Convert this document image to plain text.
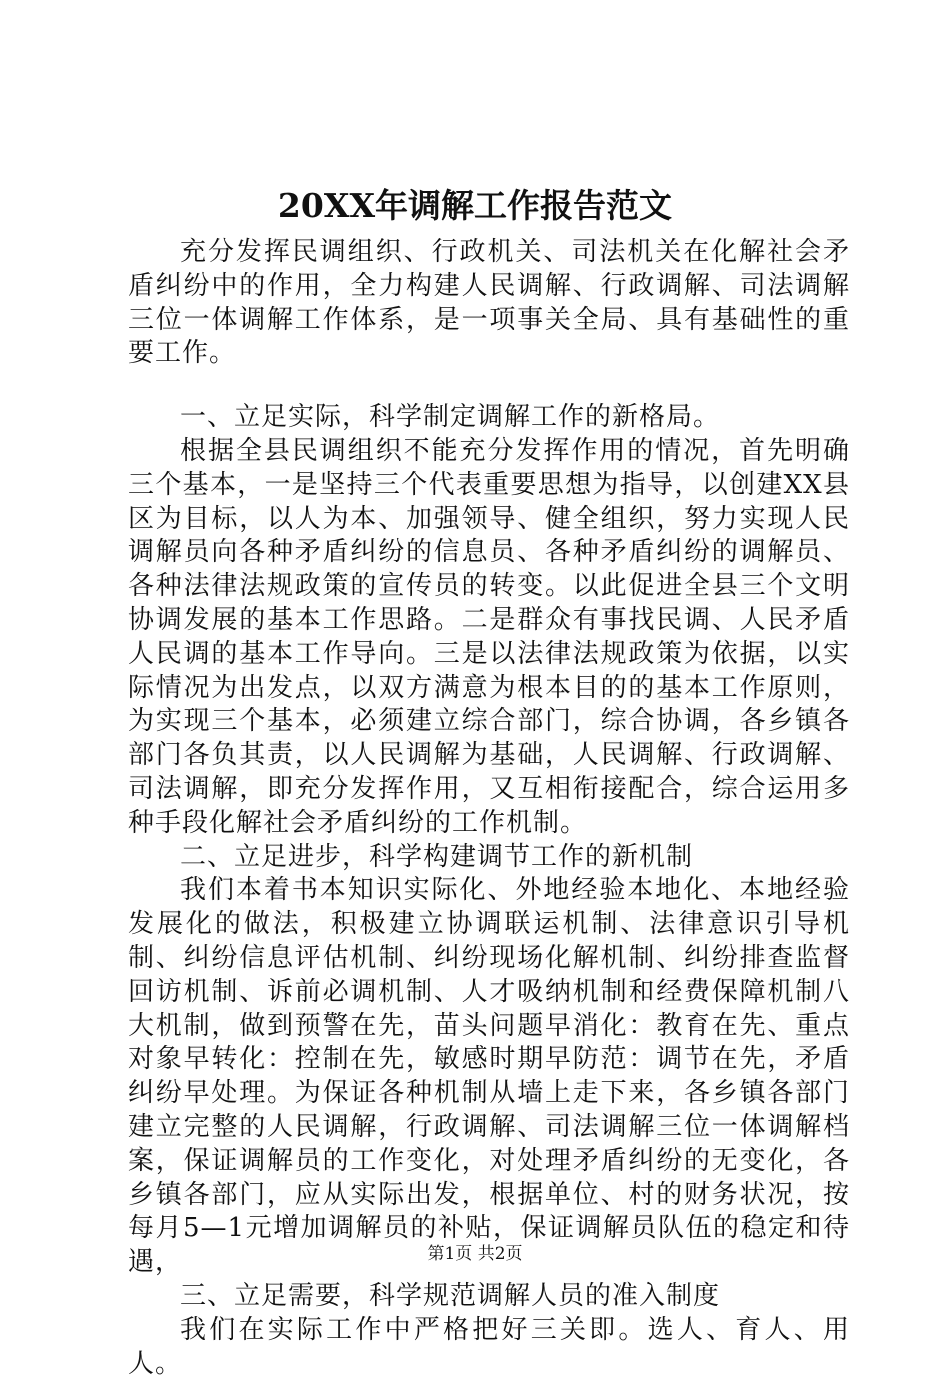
20XX年调解工作报告范文

充分发挥民调组织、行政机关、司法机关在化解社会矛盾纠纷中的作用，全力构建人民调解、行政调解、司法调解三位一体调解工作体系，是一项事关全局、具有基础性的重要工作。

一、立足实际，科学制定调解工作的新格局。

根据全县民调组织不能充分发挥作用的情况，首先明确三个基本，一是坚持三个代表重要思想为指导，以创建XX县区为目标，以人为本、加强领导、健全组织，努力实现人民调解员向各种矛盾纠纷的信息员、各种矛盾纠纷的调解员、各种法律法规政策的宣传员的转变。以此促进全县三个文明协调发展的基本工作思路。二是群众有事找民调、人民矛盾人民调的基本工作导向。三是以法律法规政策为依据，以实际情况为出发点，以双方满意为根本目的的基本工作原则，为实现三个基本，必须建立综合部门，综合协调，各乡镇各部门各负其责，以人民调解为基础，人民调解、行政调解、司法调解，即充分发挥作用，又互相衔接配合，综合运用多种手段化解社会矛盾纠纷的工作机制。

二、立足进步，科学构建调节工作的新机制

我们本着书本知识实际化、外地经验本地化、本地经验发展化的做法，积极建立协调联运机制、法律意识引导机制、纠纷信息评估机制、纠纷现场化解机制、纠纷排查监督回访机制、诉前必调机制、人才吸纳机制和经费保障机制八大机制，做到预警在先，苗头问题早消化：教育在先、重点对象早转化：控制在先，敏感时期早防范：调节在先，矛盾纠纷早处理。为保证各种机制从墙上走下来，各乡镇各部门建立完整的人民调解，行政调解、司法调解三位一体调解档案，保证调解员的工作变化，对处理矛盾纠纷的无变化，各乡镇各部门，应从实际出发，根据单位、村的财务状况，按每月5—1元增加调解员的补贴，保证调解员队伍的稳定和待遇，

三、立足需要，科学规范调解人员的准入制度

我们在实际工作中严格把好三关即。选人、育人、用人。

第1页 共2页
